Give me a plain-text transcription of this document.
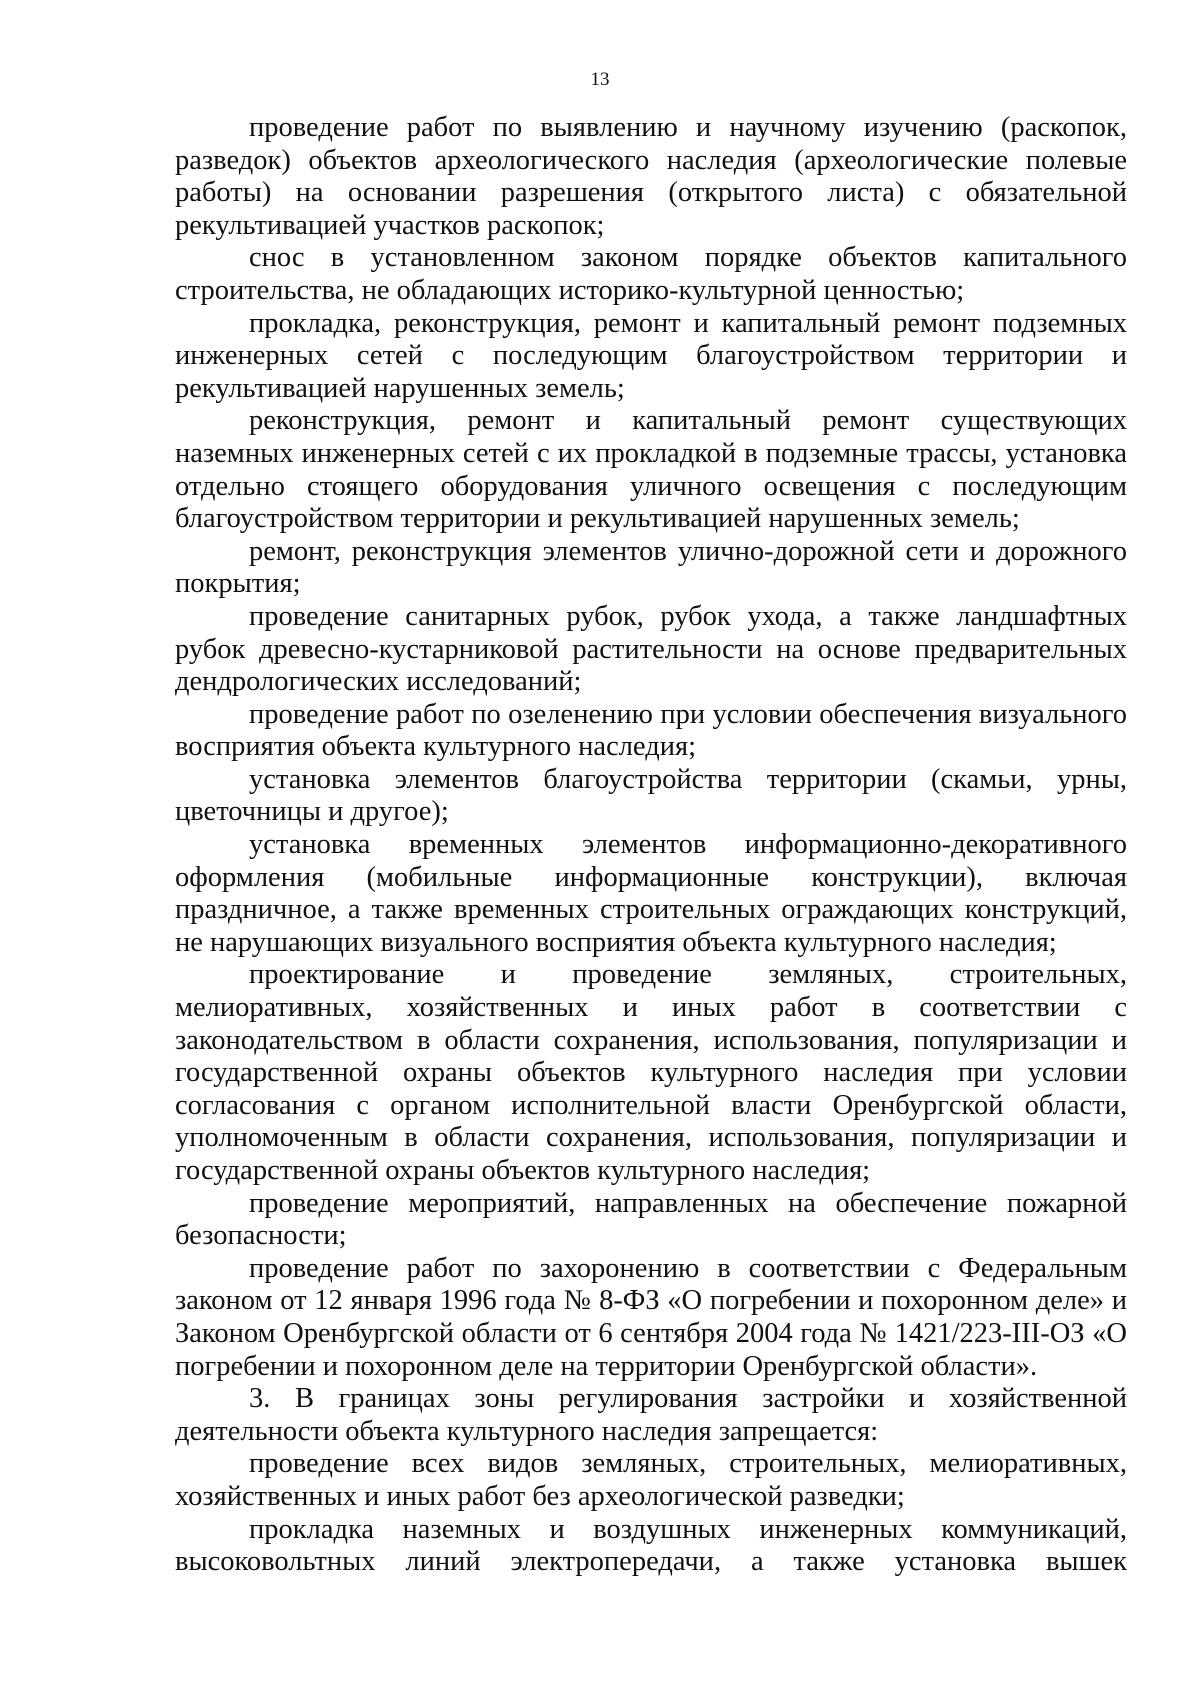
13

проведение работ по выявлению и научному изучению (раскопок, разведок) объектов археологического наследия (археологические полевые работы) на основании разрешения (открытого листа) с обязательной рекультивацией участков раскопок;

снос в установленном законом порядке объектов капитального строительства, не обладающих историко-культурной ценностью;

прокладка, реконструкция, ремонт и капитальный ремонт подземных инженерных сетей с последующим благоустройством территории и рекультивацией нарушенных земель;

реконструкция, ремонт и капитальный ремонт существующих наземных инженерных сетей с их прокладкой в подземные трассы, установка отдельно стоящего оборудования уличного освещения с последующим благоустройством территории и рекультивацией нарушенных земель;

ремонт, реконструкция элементов улично-дорожной сети и дорожного покрытия;

проведение санитарных рубок, рубок ухода, а также ландшафтных рубок древесно-кустарниковой растительности на основе предварительных дендрологических исследований;

проведение работ по озеленению при условии обеспечения визуального восприятия объекта культурного наследия;

установка элементов благоустройства территории (скамьи, урны, цветочницы и другое);

установка временных элементов информационно-декоративного оформления (мобильные информационные конструкции), включая праздничное, а также временных строительных ограждающих конструкций, не нарушающих визуального восприятия объекта культурного наследия;

проектирование и проведение земляных, строительных, мелиоративных, хозяйственных и иных работ в соответствии с законодательством в области сохранения, использования, популяризации и государственной охраны объектов культурного наследия при условии согласования с органом исполнительной власти Оренбургской области, уполномоченным в области сохранения, использования, популяризации и государственной охраны объектов культурного наследия;

проведение мероприятий, направленных на обеспечение пожарной безопасности;

проведение работ по захоронению в соответствии с Федеральным законом от 12 января 1996 года № 8-ФЗ «О погребении и похоронном деле» и Законом Оренбургской области от 6 сентября 2004 года № 1421/223-III-ОЗ «О погребении и похоронном деле на территории Оренбургской области».

3. В границах зоны регулирования застройки и хозяйственной деятельности объекта культурного наследия запрещается:

проведение всех видов земляных, строительных, мелиоративных, хозяйственных и иных работ без археологической разведки;

прокладка наземных и воздушных инженерных коммуникаций, высоковольтных линий электропередачи, а также установка вышек
